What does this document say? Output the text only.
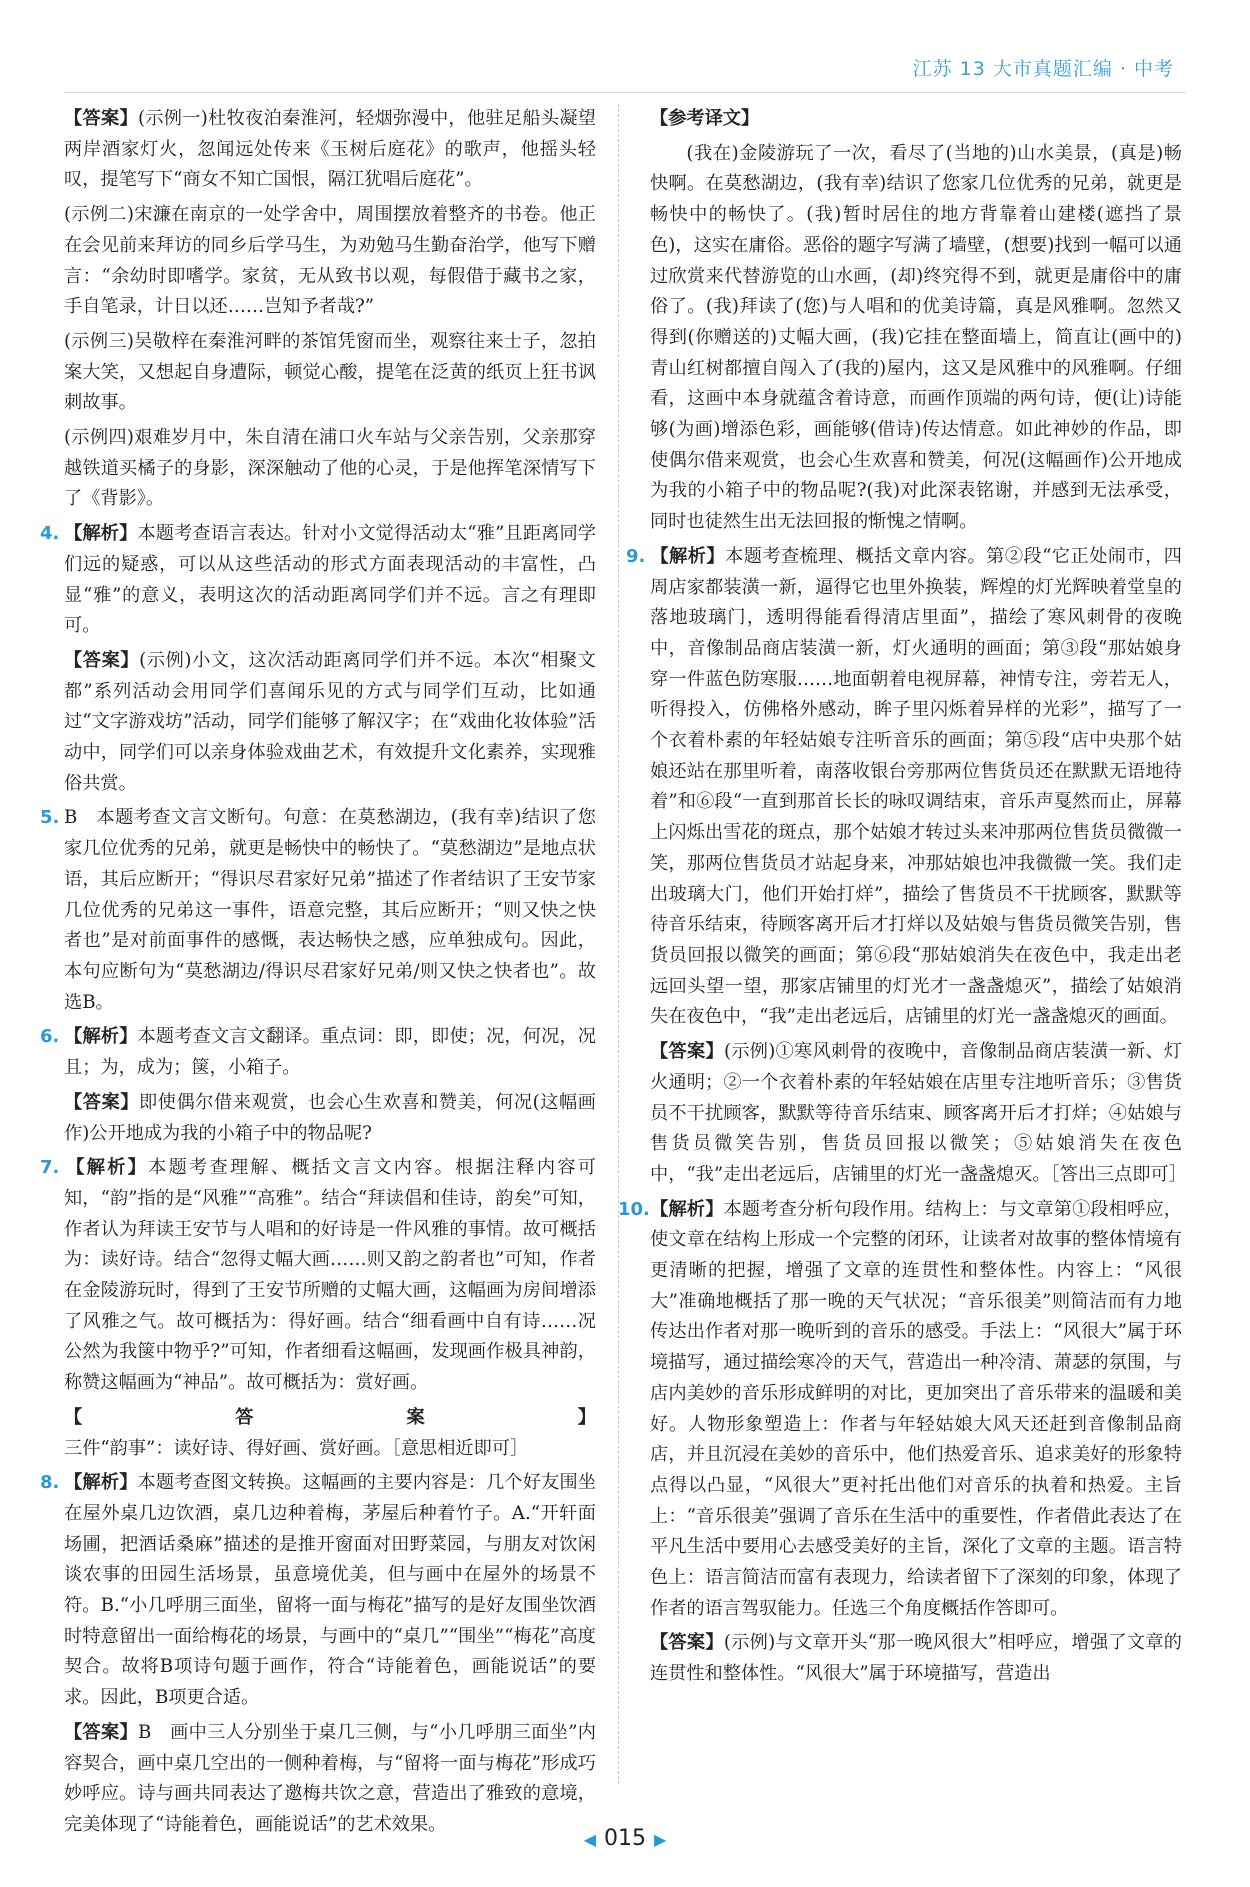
江苏 13 大市真题汇编 · 中考

【答案】(示例一)杜牧夜泊秦淮河，轻烟弥漫中，他驻足船头凝望两岸酒家灯火，忽闻远处传来《玉树后庭花》的歌声，他摇头轻叹，提笔写下“商女不知亡国恨，隔江犹唱后庭花”。

(示例二)宋濂在南京的一处学舍中，周围摆放着整齐的书卷。他正在会见前来拜访的同乡后学马生，为劝勉马生勤奋治学，他写下赠言：“余幼时即嗜学。家贫，无从致书以观，每假借于藏书之家，手自笔录，计日以还……岂知予者哉?”

(示例三)吴敬梓在秦淮河畔的茶馆凭窗而坐，观察往来士子，忽拍案大笑，又想起自身遭际，顿觉心酸，提笔在泛黄的纸页上狂书讽刺故事。

(示例四)艰难岁月中，朱自清在浦口火车站与父亲告别，父亲那穿越铁道买橘子的身影，深深触动了他的心灵，于是他挥笔深情写下了《背影》。

4. 【解析】本题考查语言表达。针对小文觉得活动太“雅”且距离同学们远的疑惑，可以从这些活动的形式方面表现活动的丰富性，凸显“雅”的意义，表明这次的活动距离同学们并不远。言之有理即可。

【答案】(示例)小文，这次活动距离同学们并不远。本次“相聚文都”系列活动会用同学们喜闻乐见的方式与同学们互动，比如通过“文字游戏坊”活动，同学们能够了解汉字；在“戏曲化妆体验”活动中，同学们可以亲身体验戏曲艺术，有效提升文化素养，实现雅俗共赏。

5. B　本题考查文言文断句。句意：在莫愁湖边，(我有幸)结识了您家几位优秀的兄弟，就更是畅快中的畅快了。“莫愁湖边”是地点状语，其后应断开；“得识尽君家好兄弟”描述了作者结识了王安节家几位优秀的兄弟这一事件，语意完整，其后应断开；“则又快之快者也”是对前面事件的感慨，表达畅快之感，应单独成句。因此，本句应断句为“莫愁湖边/得识尽君家好兄弟/则又快之快者也”。故选B。

6. 【解析】本题考查文言文翻译。重点词：即，即使；况，何况，况且；为，成为；箧，小箱子。

【答案】即使偶尔借来观赏，也会心生欢喜和赞美，何况(这幅画作)公开地成为我的小箱子中的物品呢?

7. 【解析】本题考查理解、概括文言文内容。根据注释内容可知，“韵”指的是“风雅”“高雅”。结合“拜读倡和佳诗，韵矣”可知，作者认为拜读王安节与人唱和的好诗是一件风雅的事情。故可概括为：读好诗。结合“忽得丈幅大画……则又韵之韵者也”可知，作者在金陵游玩时，得到了王安节所赠的丈幅大画，这幅画为房间增添了风雅之气。故可概括为：得好画。结合“细看画中自有诗……况公然为我箧中物乎?”可知，作者细看这幅画，发现画作极具神韵，称赞这幅画为“神品”。故可概括为：赏好画。

【答案】三件“韵事”：读好诗、得好画、赏好画。［意思相近即可］

8. 【解析】本题考查图文转换。这幅画的主要内容是：几个好友围坐在屋外桌几边饮酒，桌几边种着梅，茅屋后种着竹子。A.“开轩面场圃，把酒话桑麻”描述的是推开窗面对田野菜园，与朋友对饮闲谈农事的田园生活场景，虽意境优美，但与画中在屋外的场景不符。B.“小几呼朋三面坐，留将一面与梅花”描写的是好友围坐饮酒时特意留出一面给梅花的场景，与画中的“桌几”“围坐”“梅花”高度契合。故将B项诗句题于画作，符合“诗能着色，画能说话”的要求。因此，B项更合适。

【答案】B　画中三人分别坐于桌几三侧，与“小几呼朋三面坐”内容契合，画中桌几空出的一侧种着梅，与“留将一面与梅花”形成巧妙呼应。诗与画共同表达了邀梅共饮之意，营造出了雅致的意境，完美体现了“诗能着色，画能说话”的艺术效果。

【参考译文】

(我在)金陵游玩了一次，看尽了(当地的)山水美景，(真是)畅快啊。在莫愁湖边，(我有幸)结识了您家几位优秀的兄弟，就更是畅快中的畅快了。(我)暂时居住的地方背靠着山建楼(遮挡了景色)，这实在庸俗。恶俗的题字写满了墙壁，(想要)找到一幅可以通过欣赏来代替游览的山水画，(却)终究得不到，就更是庸俗中的庸俗了。(我)拜读了(您)与人唱和的优美诗篇，真是风雅啊。忽然又得到(你赠送的)丈幅大画，(我)它挂在整面墙上，简直让(画中的)青山红树都擅自闯入了(我的)屋内，这又是风雅中的风雅啊。仔细看，这画中本身就蕴含着诗意，而画作顶端的两句诗，便(让)诗能够(为画)增添色彩，画能够(借诗)传达情意。如此神妙的作品，即使偶尔借来观赏，也会心生欢喜和赞美，何况(这幅画作)公开地成为我的小箱子中的物品呢?(我)对此深表铭谢，并感到无法承受，同时也徒然生出无法回报的惭愧之情啊。

9. 【解析】本题考查梳理、概括文章内容。第②段“它正处闹市，四周店家都装潢一新，逼得它也里外换装，辉煌的灯光辉映着堂皇的落地玻璃门，透明得能看得清店里面”，描绘了寒风刺骨的夜晚中，音像制品商店装潢一新，灯火通明的画面；第③段“那姑娘身穿一件蓝色防寒服……地面朝着电视屏幕，神情专注，旁若无人，听得投入，仿佛格外感动，眸子里闪烁着异样的光彩”，描写了一个衣着朴素的年轻姑娘专注听音乐的画面；第⑤段“店中央那个姑娘还站在那里听着，南落收银台旁那两位售货员还在默默无语地待着”和⑥段“一直到那首长长的咏叹调结束，音乐声戛然而止，屏幕上闪烁出雪花的斑点，那个姑娘才转过头来冲那两位售货员微微一笑，那两位售货员才站起身来，冲那姑娘也冲我微微一笑。我们走出玻璃大门，他们开始打烊”，描绘了售货员不干扰顾客，默默等待音乐结束，待顾客离开后才打烊以及姑娘与售货员微笑告别，售货员回报以微笑的画面；第⑥段“那姑娘消失在夜色中，我走出老远回头望一望，那家店铺里的灯光才一盏盏熄灭”，描绘了姑娘消失在夜色中，“我”走出老远后，店铺里的灯光一盏盏熄灭的画面。

【答案】(示例)①寒风刺骨的夜晚中，音像制品商店装潢一新、灯火通明；②一个衣着朴素的年轻姑娘在店里专注地听音乐；③售货员不干扰顾客，默默等待音乐结束、顾客离开后才打烊；④姑娘与售货员微笑告别，售货员回报以微笑；⑤姑娘消失在夜色中，“我”走出老远后，店铺里的灯光一盏盏熄灭。［答出三点即可］

10.【解析】本题考查分析句段作用。结构上：与文章第①段相呼应，使文章在结构上形成一个完整的闭环，让读者对故事的整体情境有更清晰的把握，增强了文章的连贯性和整体性。内容上：“风很大”准确地概括了那一晚的天气状况；“音乐很美”则简洁而有力地传达出作者对那一晚听到的音乐的感受。手法上：“风很大”属于环境描写，通过描绘寒冷的天气，营造出一种冷清、萧瑟的氛围，与店内美妙的音乐形成鲜明的对比，更加突出了音乐带来的温暖和美好。人物形象塑造上：作者与年轻姑娘大风天还赶到音像制品商店，并且沉浸在美妙的音乐中，他们热爱音乐、追求美好的形象特点得以凸显，“风很大”更衬托出他们对音乐的执着和热爱。主旨上：“音乐很美”强调了音乐在生活中的重要性，作者借此表达了在平凡生活中要用心去感受美好的主旨，深化了文章的主题。语言特色上：语言简洁而富有表现力，给读者留下了深刻的印象，体现了作者的语言驾驭能力。任选三个角度概括作答即可。

【答案】(示例)与文章开头“那一晚风很大”相呼应，增强了文章的连贯性和整体性。“风很大”属于环境描写，营造出

◀ 015 ▶
